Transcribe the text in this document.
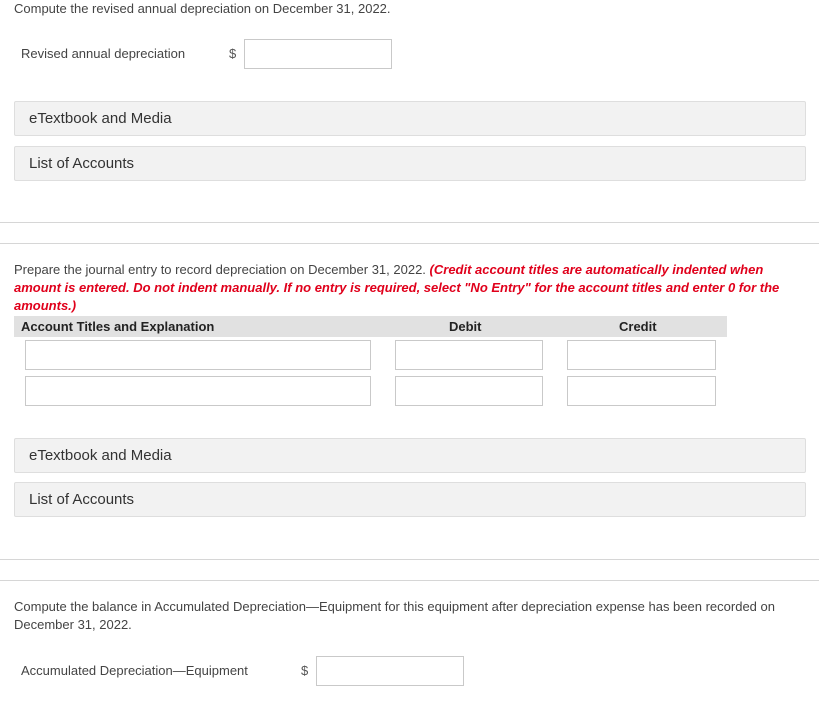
Compute the revised annual depreciation on December 31, 2022.
Revised annual depreciation	$
eTextbook and Media
List of Accounts
Prepare the journal entry to record depreciation on December 31, 2022. (Credit account titles are automatically indented when amount is entered. Do not indent manually. If no entry is required, select "No Entry" for the account titles and enter 0 for the amounts.)
Account Titles and Explanation	Debit	Credit
eTextbook and Media
List of Accounts
Compute the balance in Accumulated Depreciation—Equipment for this equipment after depreciation expense has been recorded on December 31, 2022.
Accumulated Depreciation—Equipment	$
